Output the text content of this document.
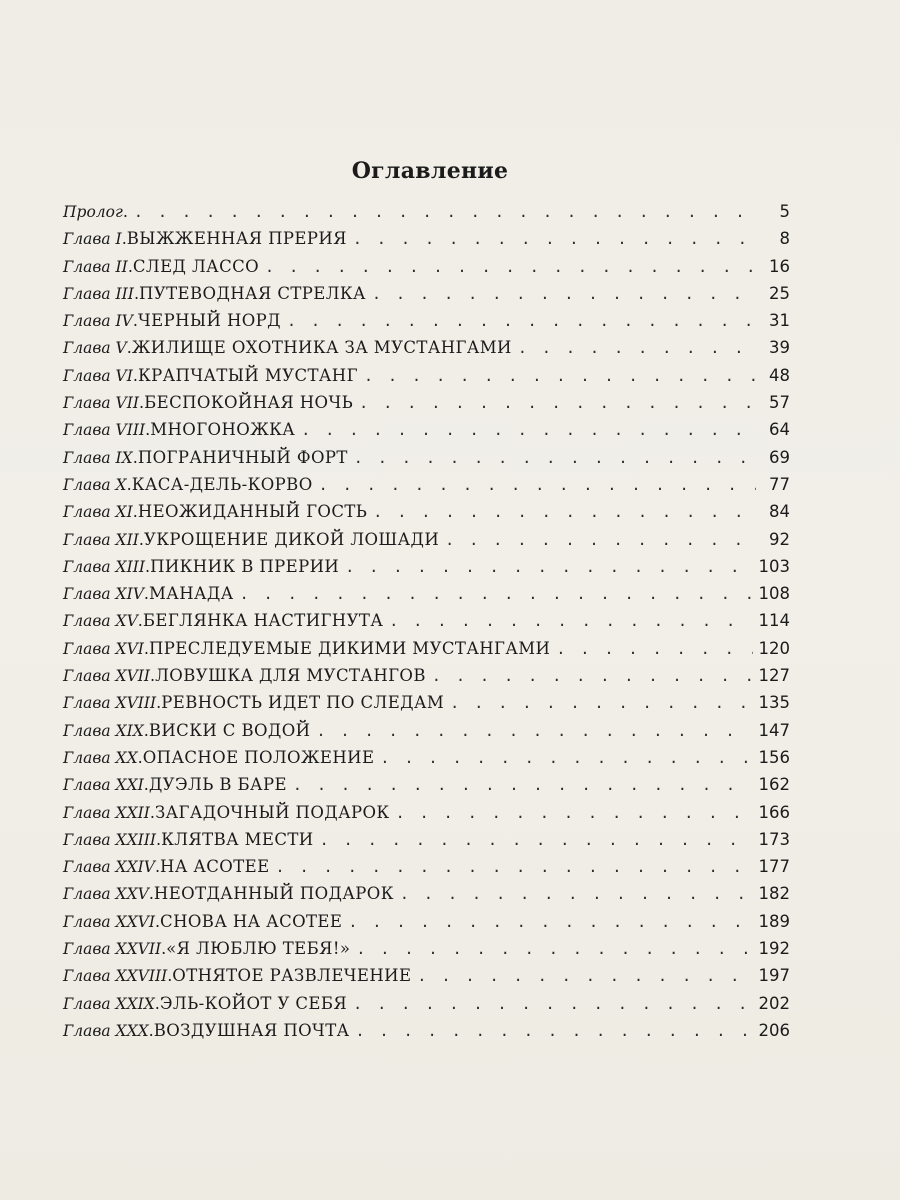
Оглавление
Пролог . . . .	5
Глава I . ВЫЖЖЕННАЯ ПРЕРИЯ . . .	8
Глава II . СЛЕД ЛАССО . . .	16
Глава III . ПУТЕВОДНАЯ СТРЕЛКА . . .	25
Глава IV . ЧЕРНЫЙ НОРД . . .	31
Глава V . ЖИЛИЩЕ ОХОТНИКА ЗА МУСТАНГАМИ . . .	39
Глава VI . КРАПЧАТЫЙ МУСТАНГ . . .	48
Глава VII . БЕСПОКОЙНАЯ НОЧЬ . . .	57
Глава VIII . МНОГОНОЖКА . . .	64
Глава IX . ПОГРАНИЧНЫЙ ФОРТ . . .	69
Глава X . КАСА-ДЕЛЬ-КОРВО . . .	77
Глава XI . НЕОЖИДАННЫЙ ГОСТЬ . . .	84
Глава XII . УКРОЩЕНИЕ ДИКОЙ ЛОШАДИ . . .	92
Глава XIII . ПИКНИК В ПРЕРИИ . . .	103
Глава XIV . МАНАДА . . .	108
Глава XV . БЕГЛЯНКА НАСТИГНУТА . . .	114
Глава XVI . ПРЕСЛЕДУЕМЫЕ ДИКИМИ МУСТАНГАМИ . . .	120
Глава XVII . ЛОВУШКА ДЛЯ МУСТАНГОВ . . .	127
Глава XVIII . РЕВНОСТЬ ИДЕТ ПО СЛЕДАМ . . .	135
Глава XIX . ВИСКИ С ВОДОЙ . . .	147
Глава XX . ОПАСНОЕ ПОЛОЖЕНИЕ . . .	156
Глава XXI . ДУЭЛЬ В БАРЕ . . .	162
Глава XXII . ЗАГАДОЧНЫЙ ПОДАРОК . . .	166
Глава XXIII . КЛЯТВА МЕСТИ . . .	173
Глава XXIV . НА АСОТЕЕ . . .	177
Глава XXV . НЕОТДАННЫЙ ПОДАРОК . . .	182
Глава XXVI . СНОВА НА АСОТЕЕ . . .	189
Глава XXVII . «Я ЛЮБЛЮ ТЕБЯ!» . . .	192
Глава XXVIII . ОТНЯТОЕ РАЗВЛЕЧЕНИЕ . . .	197
Глава XXIX . ЭЛЬ-КОЙОТ У СЕБЯ . . .	202
Глава XXX . ВОЗДУШНАЯ ПОЧТА . . .	206
